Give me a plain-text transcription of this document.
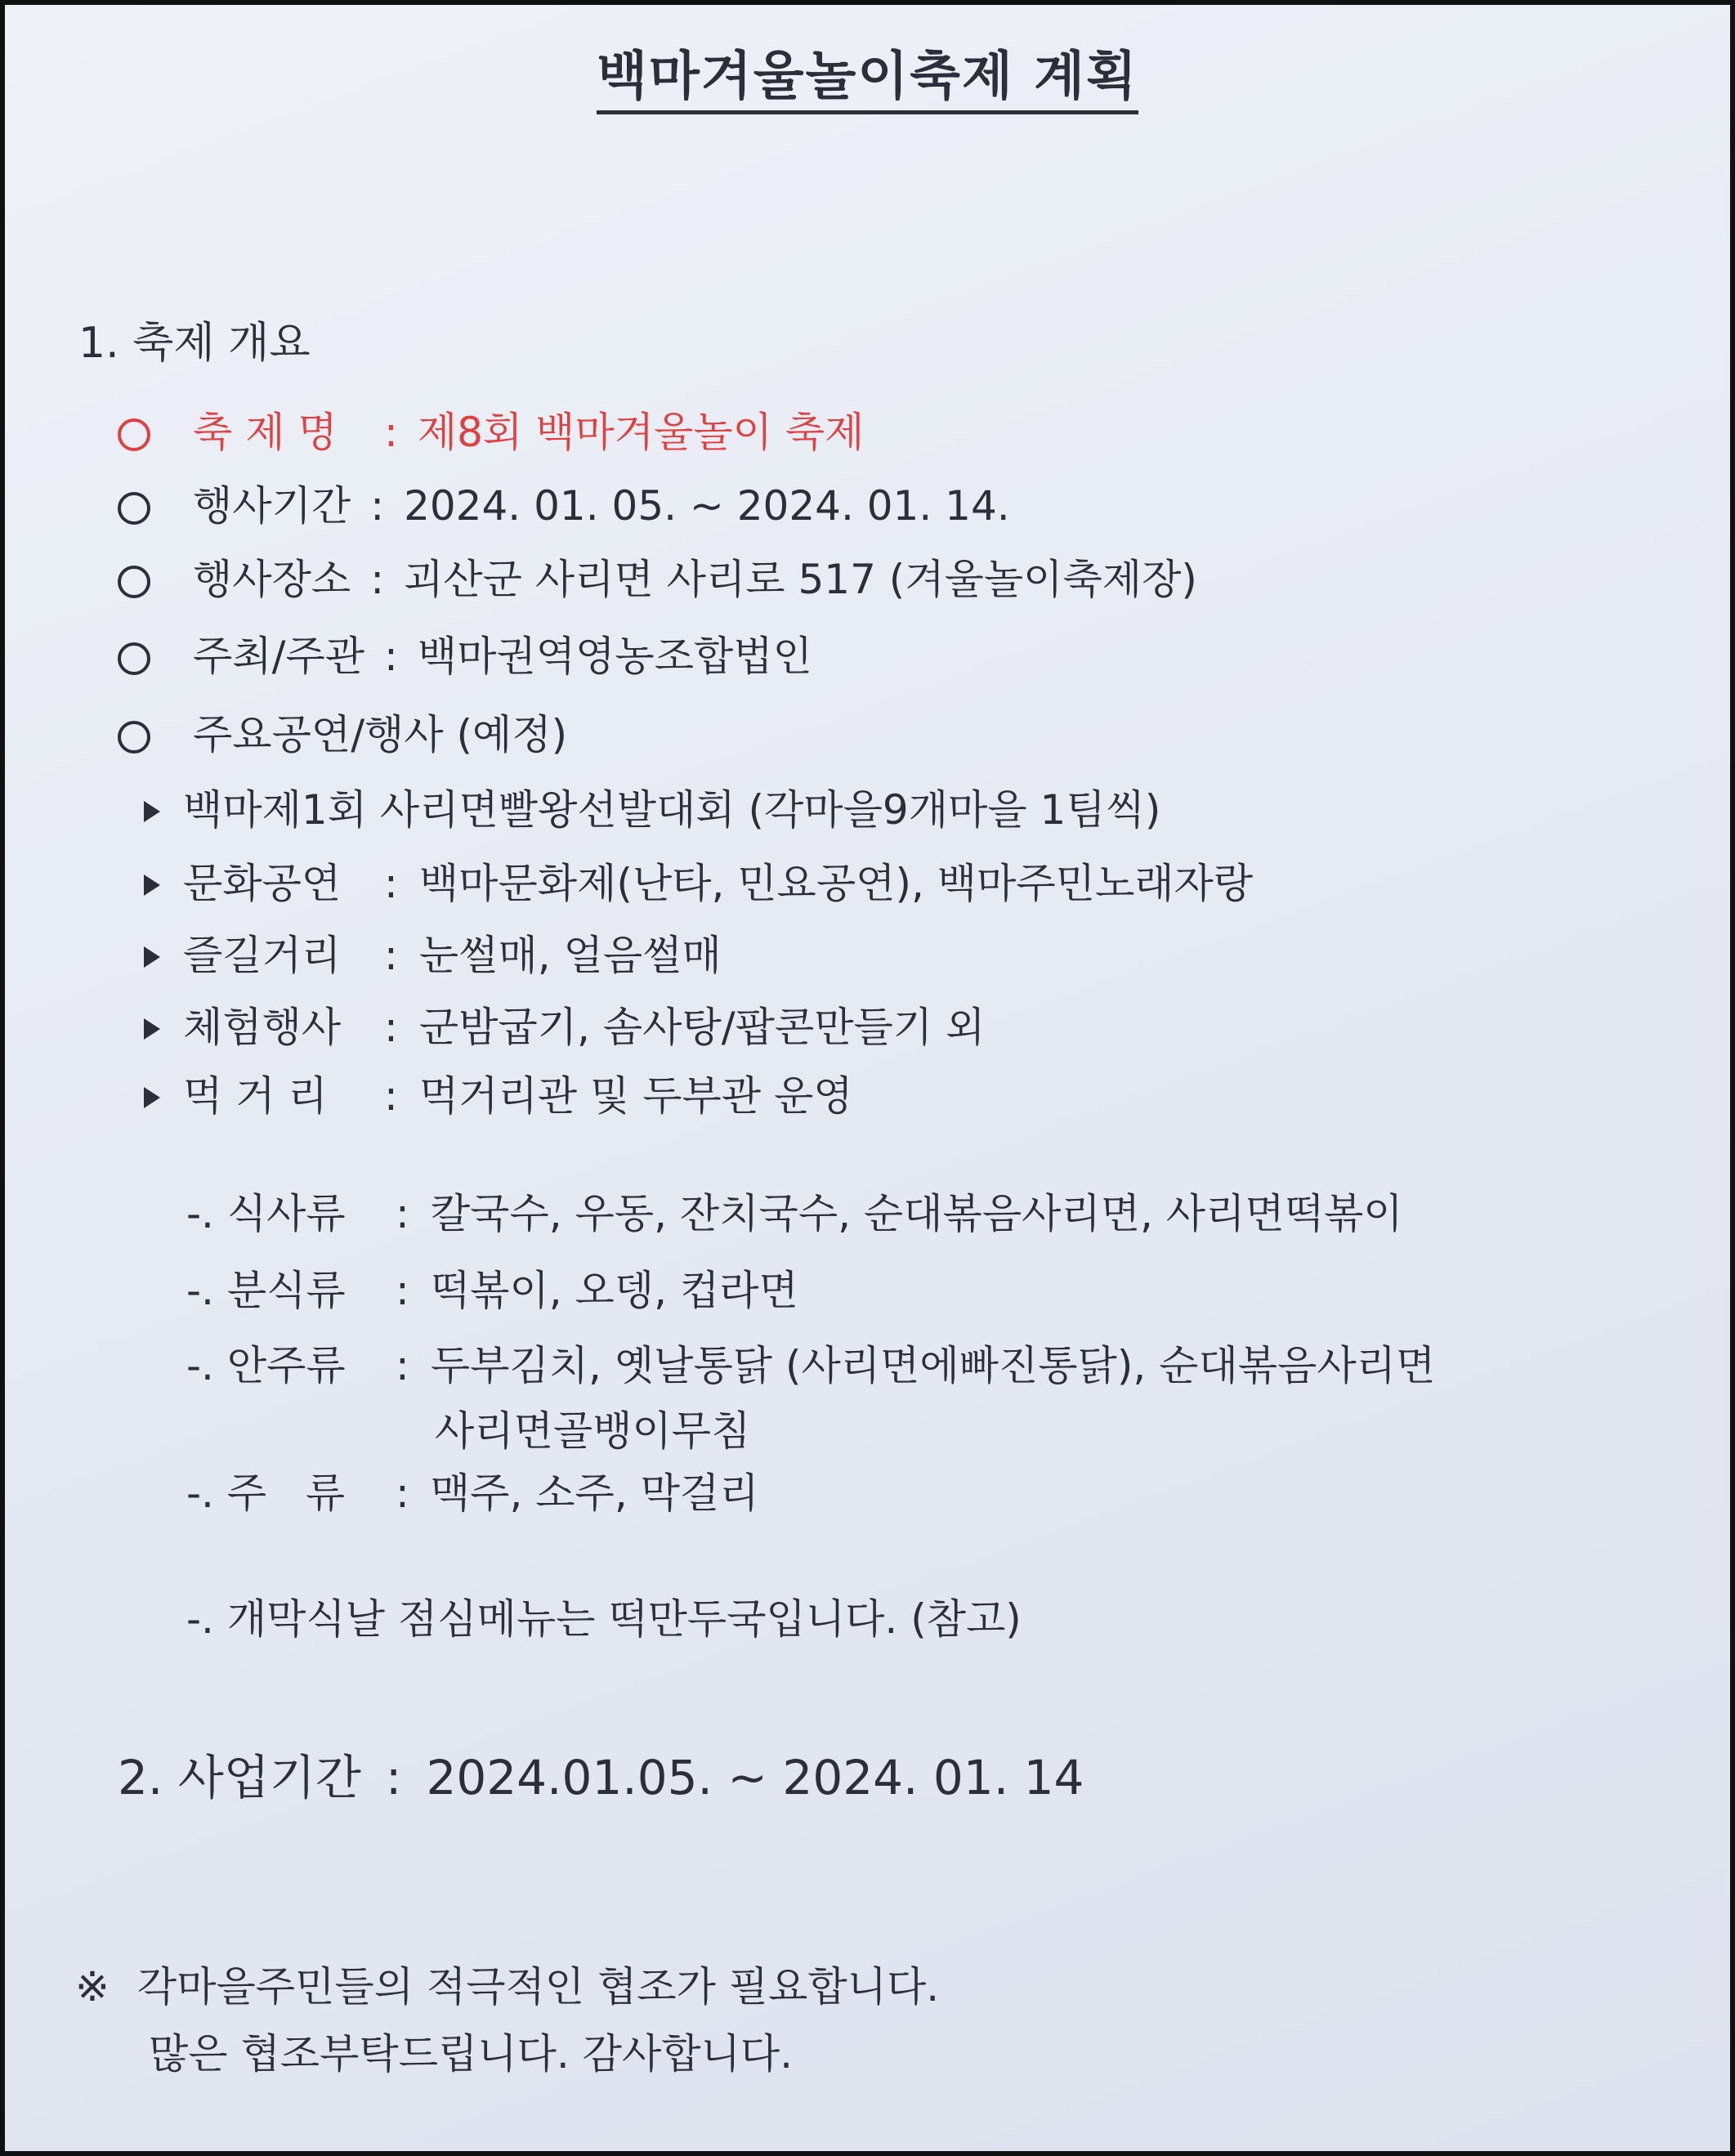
백마겨울놀이축제 계획
1. 축제 개요
축 제 명 : 제8회 백마겨울놀이 축제
행사기간 : 2024. 01. 05. ~ 2024. 01. 14.
행사장소 : 괴산군 사리면 사리로 517 (겨울놀이축제장)
주최/주관 : 백마권역영농조합법인
주요공연/행사 (예정)
백마제1회 사리면빨왕선발대회 (각마을9개마을 1팀씩)
문화공연 : 백마문화제(난타, 민요공연), 백마주민노래자랑
즐길거리 : 눈썰매, 얼음썰매
체험행사 : 군밤굽기, 솜사탕/팝콘만들기 외
먹 거 리 : 먹거리관 및 두부관 운영
-. 식사류 : 칼국수, 우동, 잔치국수, 순대볶음사리면, 사리면떡볶이
-. 분식류 : 떡볶이, 오뎅, 컵라면
-. 안주류 : 두부김치, 옛날통닭 (사리면에빠진통닭), 순대볶음사리면
사리면골뱅이무침
-. 주   류 : 맥주, 소주, 막걸리
-. 개막식날 점심메뉴는 떡만두국입니다. (참고)
2. 사업기간 : 2024.01.05. ~ 2024. 01. 14
※ 각마을주민들의 적극적인 협조가 필요합니다.
많은 협조부탁드립니다. 감사합니다.
